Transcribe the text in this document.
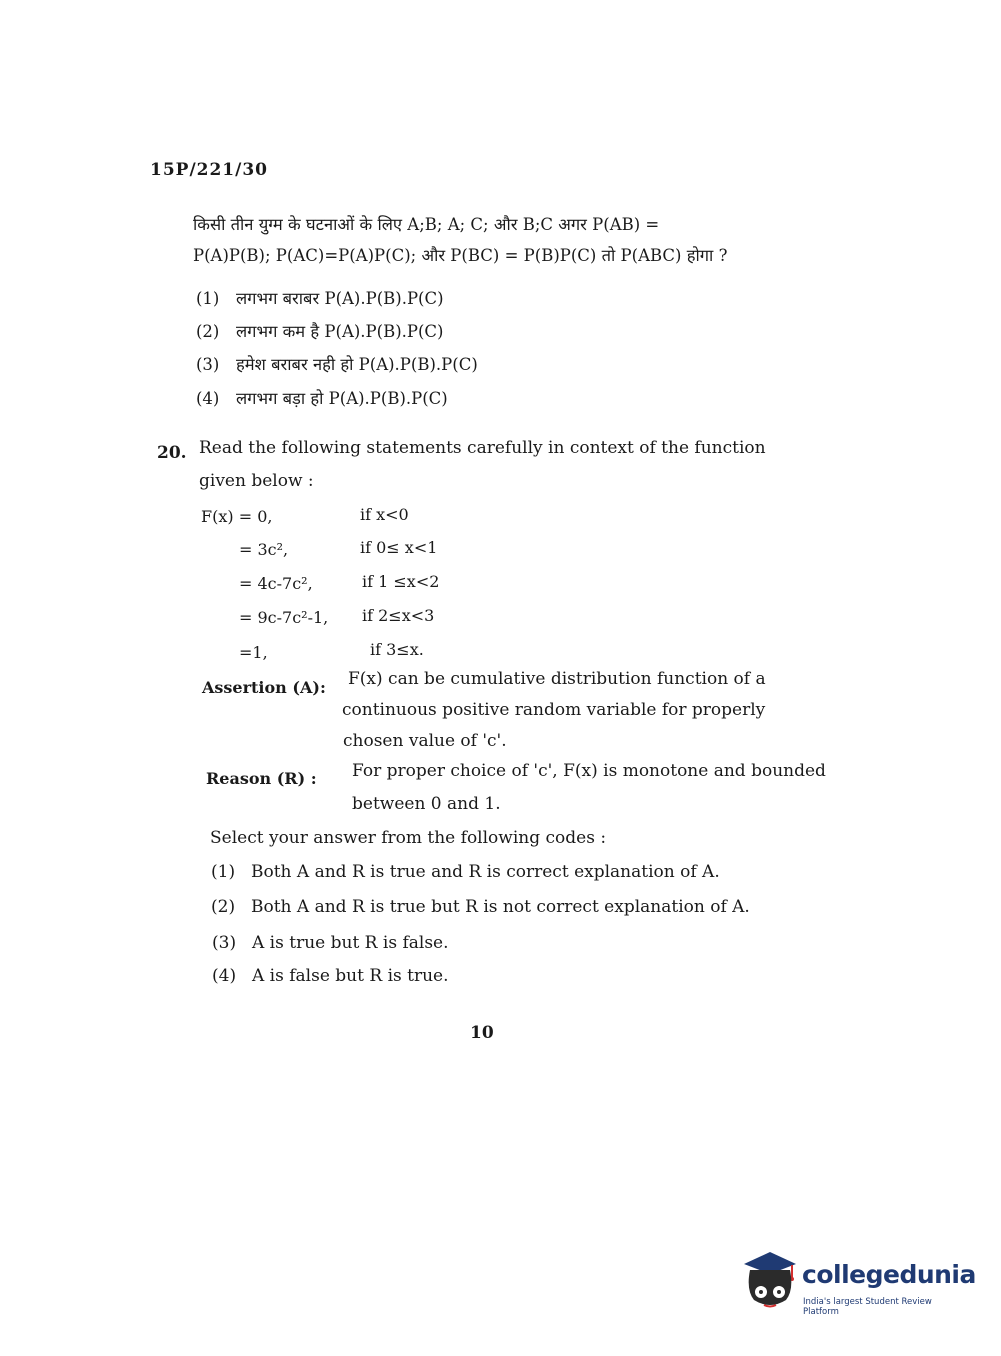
15P/221/30
किसी तीन युग्म के घटनाओं के लिए A;B; A; C; और B;C अगर P(AB) =
P(A)P(B); P(AC)=P(A)P(C); और P(BC) = P(B)P(C) तो P(ABC) होगा ?
(1) लगभग बराबर P(A).P(B).P(C)
(2) लगभग कम है P(A).P(B).P(C)
(3) हमेश बराबर नही हो P(A).P(B).P(C)
(4) लगभग बड़ा हो P(A).P(B).P(C)
20. Read the following statements carefully in context of the function
given below :
F(x) = 0,	if x<0
= 3c²,	if 0≤ x<1
= 4c-7c²,	if 1 ≤x<2
= 9c-7c²-1, if 2≤x<3
=1,	if 3≤x.
Assertion (A): F(x) can be cumulative distribution function of a
continuous positive random variable for properly
chosen value of 'c'.
Reason (R) : For proper choice of 'c', F(x) is monotone and bounded
between 0 and 1.
Select your answer from the following codes :
(1) Both A and R is true and R is correct explanation of A.
(2) Both A and R is true but R is not correct explanation of A.
(3) A is true but R is false.
(4) A is false but R is true.
10
collegedunia
India's largest Student Review Platform
